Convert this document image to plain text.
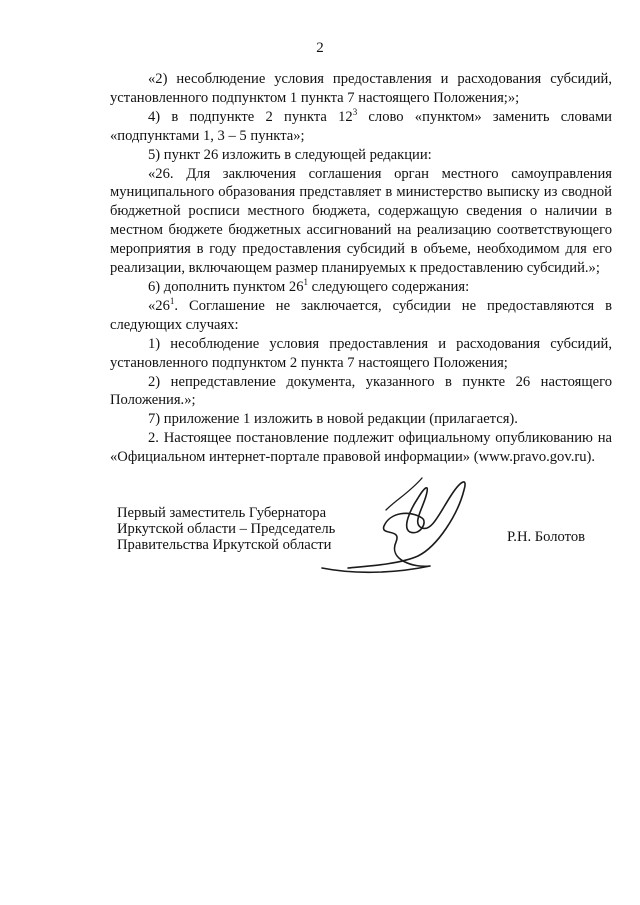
2

«2) несоблюдение условия предоставления и расходования субсидий, установленного подпунктом 1 пункта 7 настоящего Положения;»;

4) в подпункте 2 пункта $12^3$ слово «пунктом» заменить словами «подпунктами 1, 3 – 5 пункта»;

5) пункт 26 изложить в следующей редакции:

«26. Для заключения соглашения орган местного самоуправления муниципального образования представляет в министерство выписку из сводной бюджетной росписи местного бюджета, содержащую сведения о наличии в местном бюджете бюджетных ассигнований на реализацию соответствующего мероприятия в году предоставления субсидий в объеме, необходимом для его реализации, включающем размер планируемых к предоставлению субсидий.»;

6) дополнить пунктом $26^1$ следующего содержания:

«$26^1$. Соглашение не заключается, субсидии не предоставляются в следующих случаях:

1) несоблюдение условия предоставления и расходования субсидий, установленного подпунктом 2 пункта 7 настоящего Положения;

2) непредставление документа, указанного в пункте 26 настоящего Положения.»;

7) приложение 1 изложить в новой редакции (прилагается).

2. Настоящее постановление подлежит официальному опубликованию на «Официальном интернет-портале правовой информации» (www.pravo.gov.ru).

Первый заместитель Губернатора
Иркутской области – Председатель
Правительства Иркутской области	Р.Н. Болотов
